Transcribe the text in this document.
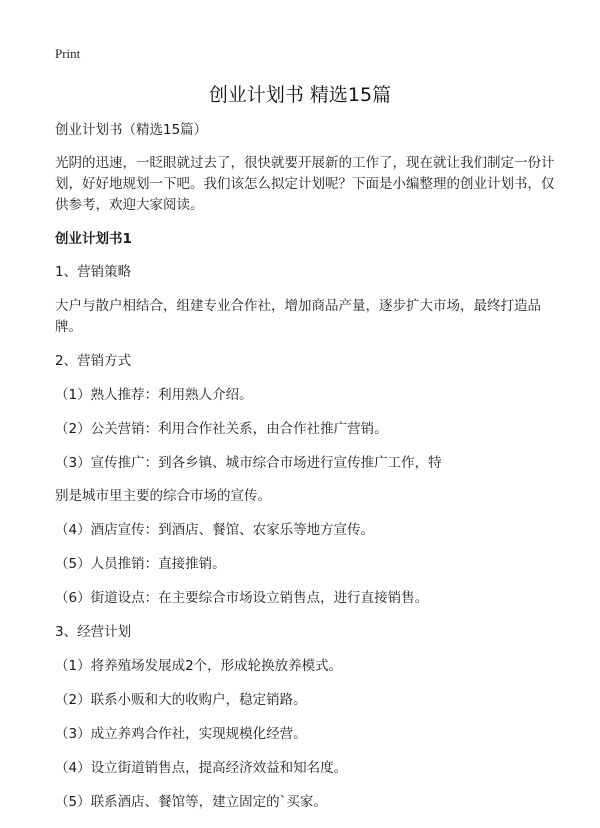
Print
创业计划书 精选15篇

创业计划书（精选15篇）

光阴的迅速，一眨眼就过去了，很快就要开展新的工作了，现在就让我们制定一份计划，好好地规划一下吧。我们该怎么拟定计划呢？下面是小编整理的创业计划书，仅供参考，欢迎大家阅读。

创业计划书1

1、营销策略

大户与散户相结合，组建专业合作社，增加商品产量，逐步扩大市场，最终打造品牌。

2、营销方式

（1）熟人推荐：利用熟人介绍。

（2）公关营销：利用合作社关系，由合作社推广营销。

（3）宣传推广：到各乡镇、城市综合市场进行宣传推广工作，特

别是城市里主要的综合市场的宣传。

（4）酒店宣传：到酒店、餐馆、农家乐等地方宣传。

（5）人员推销：直接推销。

（6）街道设点：在主要综合市场设立销售点，进行直接销售。

3、经营计划

（1）将养殖场发展成2个，形成轮换放养模式。

（2）联系小贩和大的收购户，稳定销路。

（3）成立养鸡合作社，实现规模化经营。

（4）设立街道销售点，提高经济效益和知名度。

（5）联系酒店、餐馆等，建立固定的`买家。
